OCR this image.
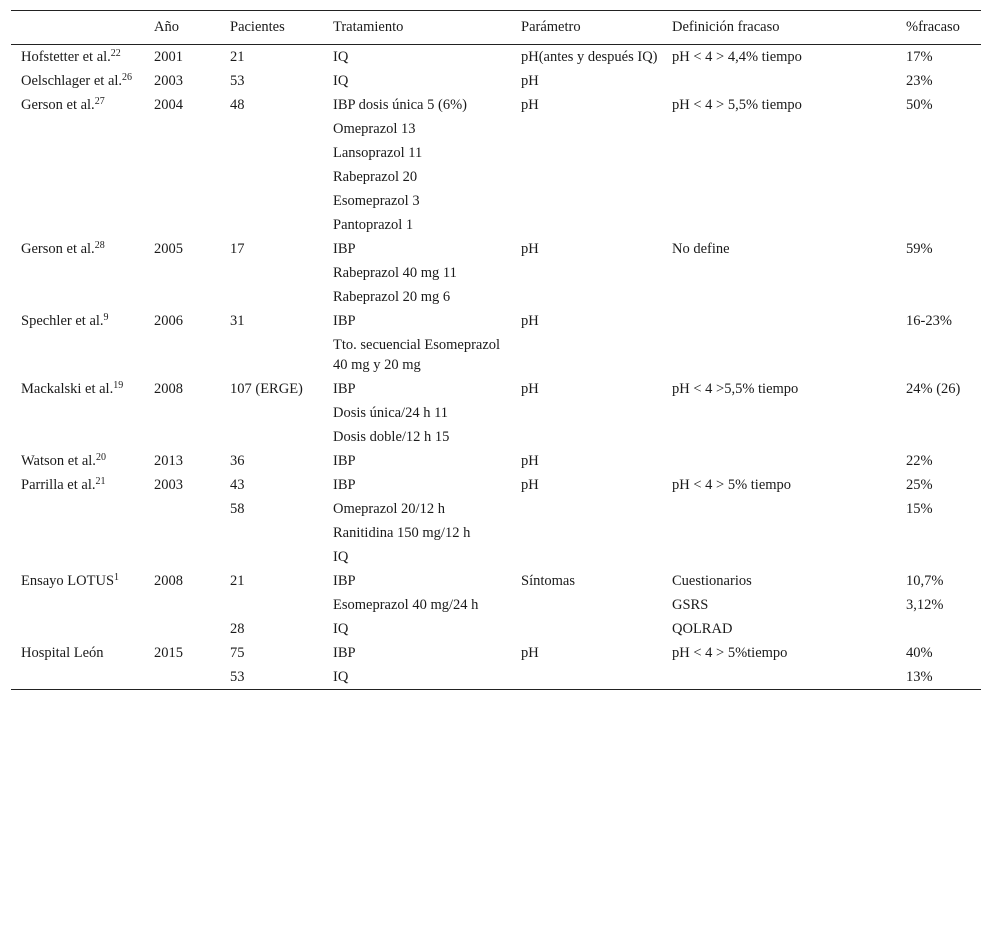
	Año	Pacientes	Tratamiento	Parámetro	Definición fracaso	%fracaso
Hofstetter et al.$^{22}$	2001	21	IQ	pH(antes y después IQ)	pH < 4 > 4,4% tiempo	17%
Oelschlager et al.$^{26}$	2003	53	IQ	pH		23%
Gerson et al.$^{27}$	2004	48	IBP dosis única 5 (6%)	pH	pH < 4 > 5,5% tiempo	50%
			Omeprazol 13			
			Lansoprazol 11			
			Rabeprazol 20			
			Esomeprazol 3			
			Pantoprazol 1			
Gerson et al.$^{28}$	2005	17	IBP	pH	No define	59%
			Rabeprazol 40 mg 11			
			Rabeprazol 20 mg 6			
Spechler et al.$^9$	2006	31	IBP	pH		16-23%
			Tto. secuencial Esomeprazol 40 mg y 20 mg			
Mackalski et al.$^{19}$	2008	107 (ERGE)	IBP	pH	pH < 4 >5,5% tiempo	24% (26)
			Dosis única/24 h 11			
			Dosis doble/12 h 15			
Watson et al.$^{20}$	2013	36	IBP	pH		22%
Parrilla et al.$^{21}$	2003	43	IBP	pH	pH < 4 > 5% tiempo	25%
		58	Omeprazol 20/12 h			15%
			Ranitidina 150 mg/12 h			
			IQ			
Ensayo LOTUS$^1$	2008	21	IBP	Síntomas	Cuestionarios	10,7%
			Esomeprazol 40 mg/24 h		GSRS	3,12%
		28	IQ		QOLRAD	
Hospital León	2015	75	IBP	pH	pH < 4 > 5%tiempo	40%
		53	IQ			13%
